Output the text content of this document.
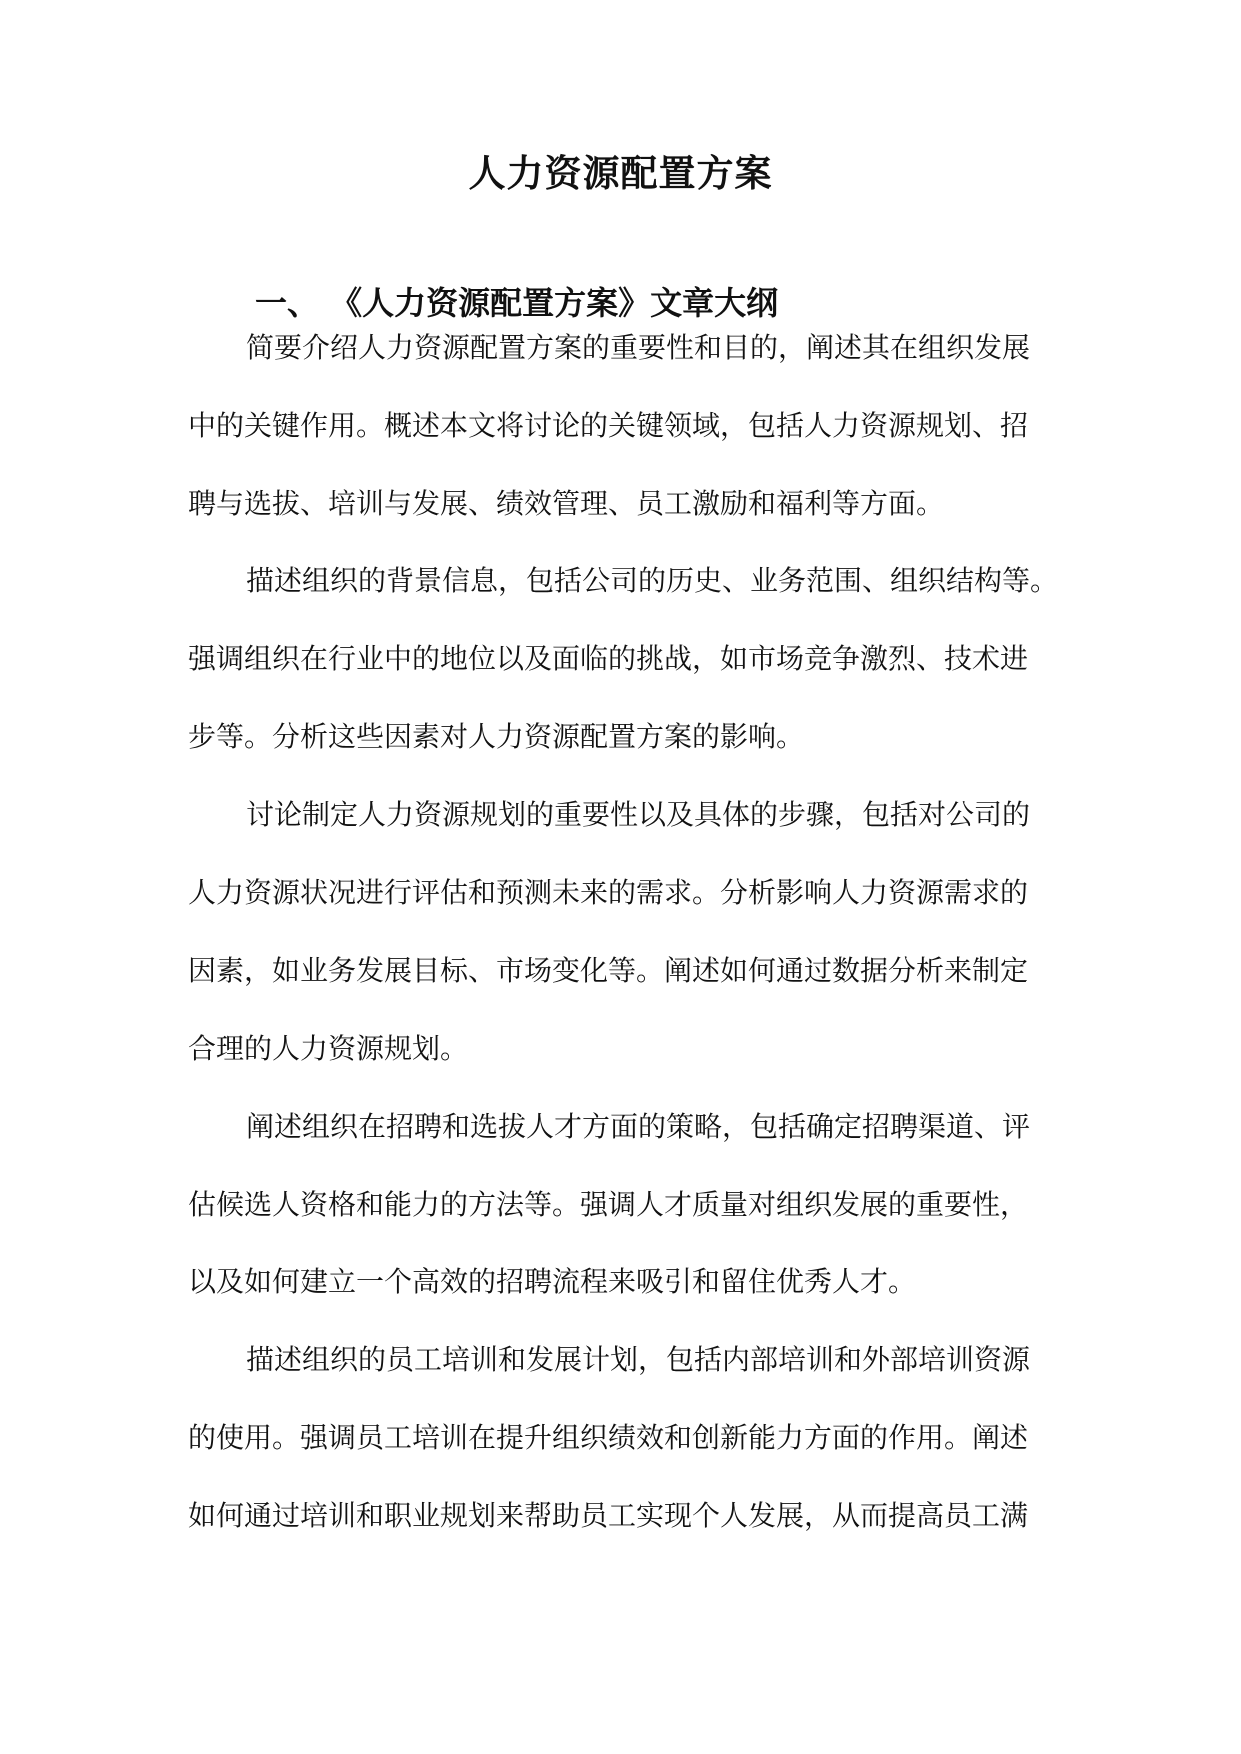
人力资源配置方案
一、 《人力资源配置方案》文章大纲
简要介绍人力资源配置方案的重要性和目的，阐述其在组织发展
中的关键作用。概述本文将讨论的关键领域，包括人力资源规划、招
聘与选拔、培训与发展、绩效管理、员工激励和福利等方面。
描述组织的背景信息，包括公司的历史、业务范围、组织结构等。
强调组织在行业中的地位以及面临的挑战，如市场竞争激烈、技术进
步等。分析这些因素对人力资源配置方案的影响。
讨论制定人力资源规划的重要性以及具体的步骤，包括对公司的
人力资源状况进行评估和预测未来的需求。分析影响人力资源需求的
因素，如业务发展目标、市场变化等。阐述如何通过数据分析来制定
合理的人力资源规划。
阐述组织在招聘和选拔人才方面的策略，包括确定招聘渠道、评
估候选人资格和能力的方法等。强调人才质量对组织发展的重要性，
以及如何建立一个高效的招聘流程来吸引和留住优秀人才。
描述组织的员工培训和发展计划，包括内部培训和外部培训资源
的使用。强调员工培训在提升组织绩效和创新能力方面的作用。阐述
如何通过培训和职业规划来帮助员工实现个人发展，从而提高员工满
